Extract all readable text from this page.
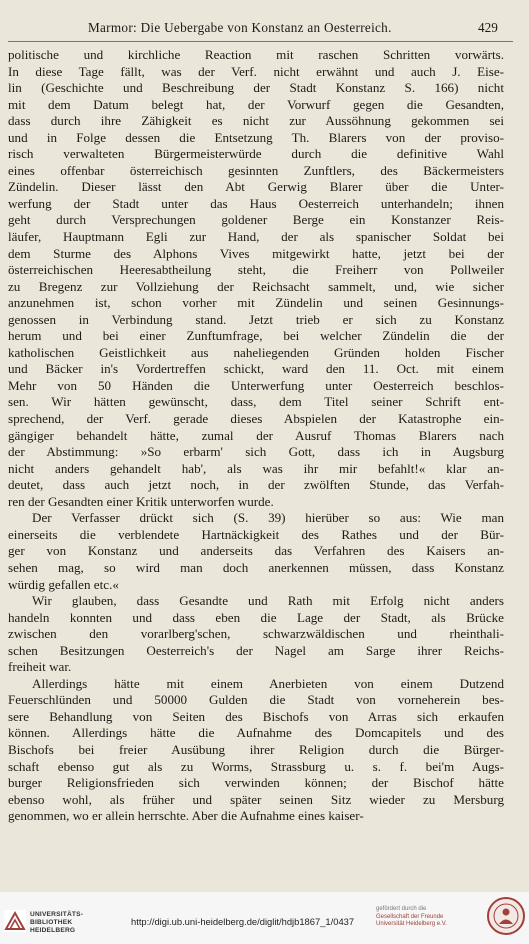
Marmor: Die Uebergabe von Konstanz an Oesterreich.	429
politische und kirchliche Reaction mit raschen Schritten vorwärts.
In diese Tage fällt, was der Verf. nicht erwähnt und auch J. Eise-
lin (Geschichte und Beschreibung der Stadt Konstanz S. 166) nicht
mit dem Datum belegt hat, der Vorwurf gegen die Gesandten,
dass durch ihre Zähigkeit es nicht zur Aussöhnung gekommen sei
und in Folge dessen die Entsetzung Th. Blarers von der proviso-
risch verwalteten Bürgermeisterwürde durch die definitive Wahl
eines offenbar österreichisch gesinnten Zunftlers, des Bäckermeisters
Zündelin. Dieser lässt den Abt Gerwig Blarer über die Unter-
werfung der Stadt unter das Haus Oesterreich unterhandeln; ihnen
geht durch Versprechungen goldener Berge ein Konstanzer Reis-
läufer, Hauptmann Egli zur Hand, der als spanischer Soldat bei
dem Sturme des Alphons Vives mitgewirkt hatte, jetzt bei der
österreichischen Heeresabtheilung steht, die Freiherr von Pollweiler
zu Bregenz zur Vollziehung der Reichsacht sammelt, und, wie sicher
anzunehmen ist, schon vorher mit Zündelin und seinen Gesinnungs-
genossen in Verbindung stand. Jetzt trieb er sich zu Konstanz
herum und bei einer Zunftumfrage, bei welcher Zündelin die der
katholischen Geistlichkeit aus naheliegenden Gründen holden Fischer
und Bäcker in's Vordertreffen schickt, ward den 11. Oct. mit einem
Mehr von 50 Händen die Unterwerfung unter Oesterreich beschlos-
sen. Wir hätten gewünscht, dass, dem Titel seiner Schrift ent-
sprechend, der Verf. gerade dieses Abspielen der Katastrophe ein-
gängiger behandelt hätte, zumal der Ausruf Thomas Blarers nach
der Abstimmung: »So erbarm' sich Gott, dass ich in Augsburg
nicht anders gehandelt hab', als was ihr mir befahlt!« klar an-
deutet, dass auch jetzt noch, in der zwölften Stunde, das Verfah-
ren der Gesandten einer Kritik unterworfen wurde.
Der Verfasser drückt sich (S. 39) hierüber so aus: Wie man
einerseits die verblendete Hartnäckigkeit des Rathes und der Bür-
ger von Konstanz und anderseits das Verfahren des Kaisers an-
sehen mag, so wird man doch anerkennen müssen, dass Konstanz
würdig gefallen etc.«
Wir glauben, dass Gesandte und Rath mit Erfolg nicht anders
handeln konnten und dass eben die Lage der Stadt, als Brücke
zwischen den vorarlberg'schen, schwarzwäldischen und rheinthali-
schen Besitzungen Oesterreich's der Nagel am Sarge ihrer Reichs-
freiheit war.
Allerdings hätte mit einem Anerbieten von einem Dutzend
Feuerschlünden und 50000 Gulden die Stadt von vorneherein bes-
sere Behandlung von Seiten des Bischofs von Arras sich erkaufen
können. Allerdings hätte die Aufnahme des Domcapitels und des
Bischofs bei freier Ausübung ihrer Religion durch die Bürger-
schaft ebenso gut als zu Worms, Strassburg u. s. f. bei'm Augs-
burger Religionsfrieden sich verwinden können; der Bischof hätte
ebenso wohl, als früher und später seinen Sitz wieder zu Mersburg
genommen, wo er allein herrschte. Aber die Aufnahme eines kaiser-
UNIVERSITÄTS-
BIBLIOTHEK
HEIDELBERG
http://digi.ub.uni-heidelberg.de/diglit/hdjb1867_1/0437
gefördert durch die
Gesellschaft der Freunde
Universität Heidelberg e.V.
